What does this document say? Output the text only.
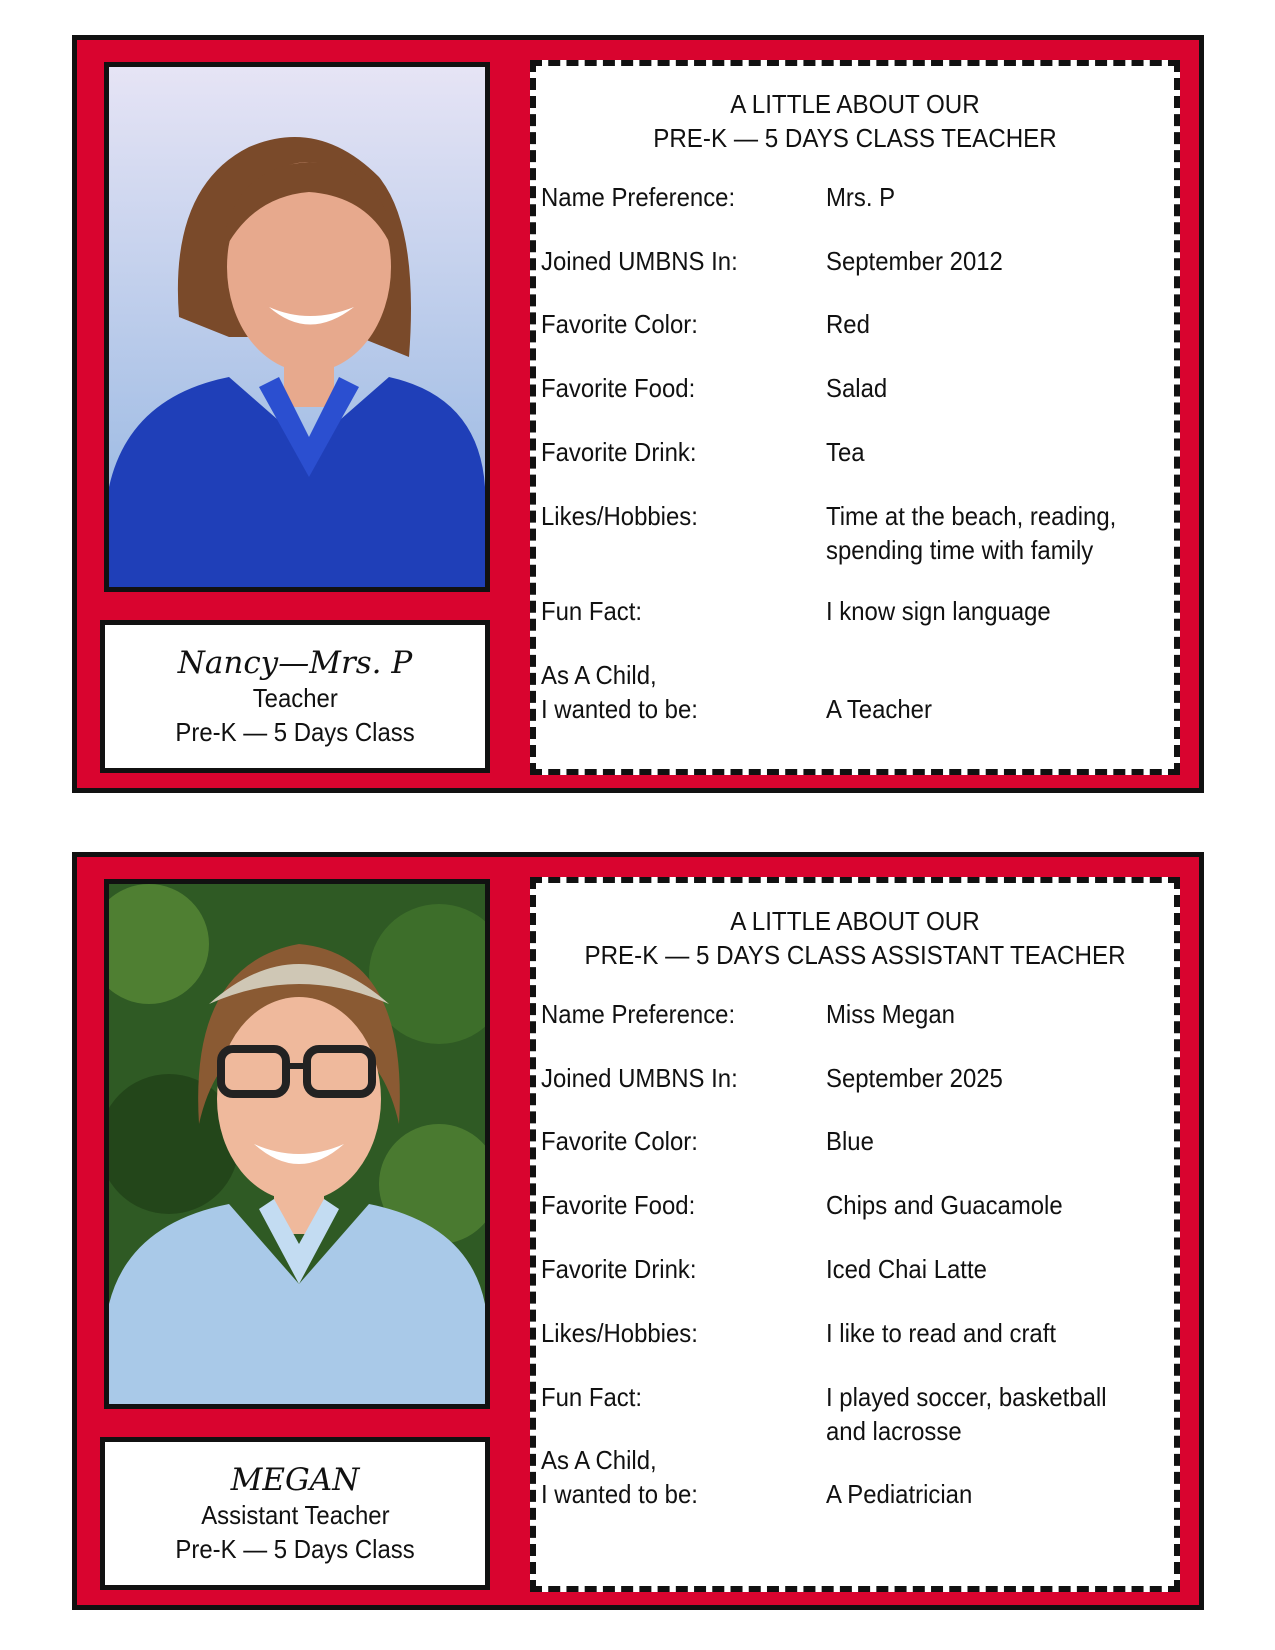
Nancy—Mrs. P
Teacher
Pre-K — 5 Days Class
A LITTLE ABOUT OUR
PRE-K — 5 DAYS CLASS TEACHER
Name Preference:	Mrs. P
Joined UMBNS In:	September 2012
Favorite Color:	Red
Favorite Food:	Salad
Favorite Drink:	Tea
Likes/Hobbies:	Time at the beach, reading, spending time with family
Fun Fact:	I know sign language
As A Child,
I wanted to be:	A Teacher
MEGAN
Assistant Teacher
Pre-K — 5 Days Class
A LITTLE ABOUT OUR
PRE-K — 5 DAYS CLASS ASSISTANT TEACHER
Name Preference:	Miss Megan
Joined UMBNS In:	September 2025
Favorite Color:	Blue
Favorite Food:	Chips and Guacamole
Favorite Drink:	Iced Chai Latte
Likes/Hobbies:	I like to read and craft
Fun Fact:	I played soccer, basketball and lacrosse
As A Child,
I wanted to be:	A Pediatrician
